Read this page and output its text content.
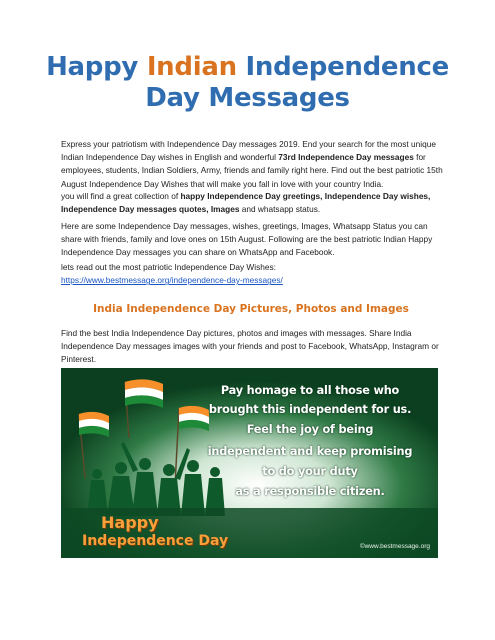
Happy Indian Independence
Day Messages
Express your patriotism with Independence Day messages 2019. End your search for the most unique Indian Independence Day wishes in English and wonderful 73rd Independence Day messages for employees, students, Indian Soldiers, Army, friends and family right here. Find out the best patriotic 15th August Independence Day Wishes that will make you fall in love with your country India.
you will find a great collection of happy Independence Day greetings, Independence Day wishes, Independence Day messages quotes, Images and whatsapp status.
Here are some Independence Day messages, wishes, greetings, Images, Whatsapp Status you can share with friends, family and love ones on 15th August. Following are the best patriotic Indian Happy Independence Day messages you can share on WhatsApp and Facebook.
lets read out the most patriotic Independence Day Wishes:
https://www.bestmessage.org/independence-day-messages/
India Independence Day Pictures, Photos and Images
Find the best India Independence Day pictures, photos and images with messages. Share India Independence Day messages images with your friends and post to Facebook, WhatsApp, Instagram or Pinterest.
Pay homage to all those who
brought this independent for us.
Feel the joy of being
independent and keep promising
to do your duty
as a responsible citizen.
Happy
Independence Day	©www.bestmessage.org
